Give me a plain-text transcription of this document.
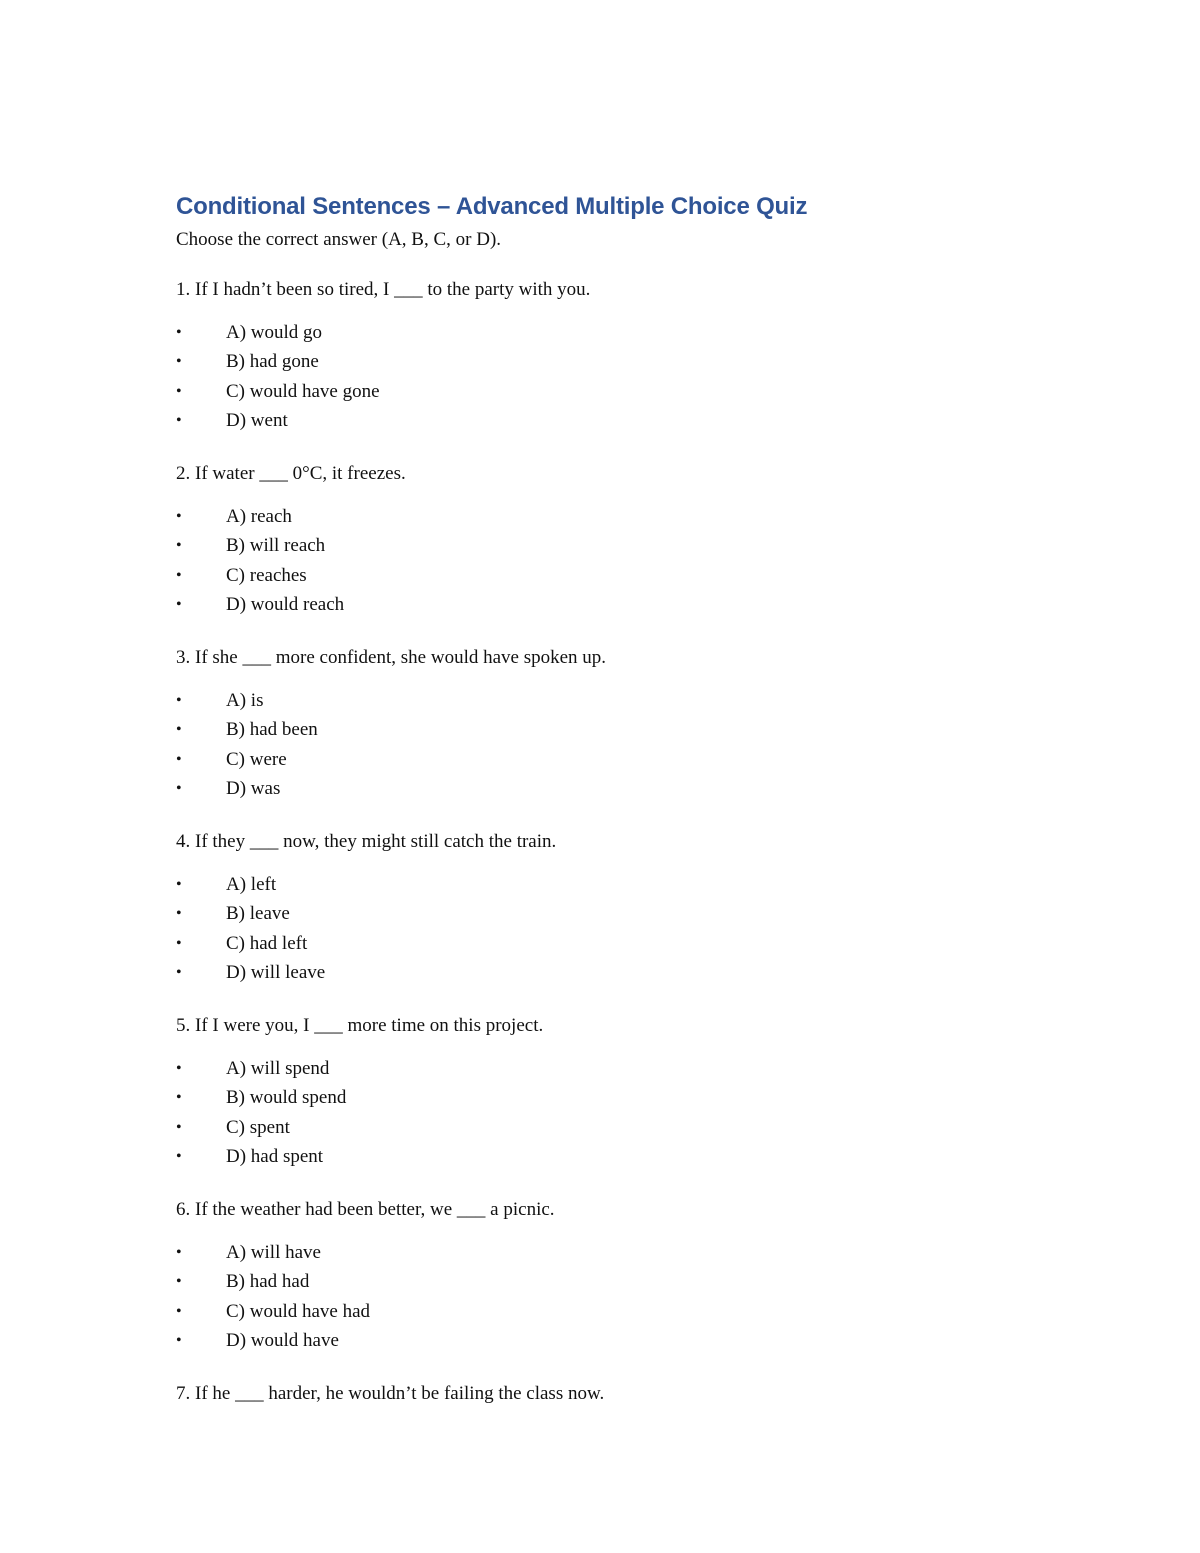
Conditional Sentences – Advanced Multiple Choice Quiz

Choose the correct answer (A, B, C, or D).

1. If I hadn’t been so tired, I ___ to the party with you.

• A) would go
• B) had gone
• C) would have gone
• D) went

2. If water ___ 0°C, it freezes.

• A) reach
• B) will reach
• C) reaches
• D) would reach

3. If she ___ more confident, she would have spoken up.

• A) is
• B) had been
• C) were
• D) was

4. If they ___ now, they might still catch the train.

• A) left
• B) leave
• C) had left
• D) will leave

5. If I were you, I ___ more time on this project.

• A) will spend
• B) would spend
• C) spent
• D) had spent

6. If the weather had been better, we ___ a picnic.

• A) will have
• B) had had
• C) would have had
• D) would have

7. If he ___ harder, he wouldn’t be failing the class now.
